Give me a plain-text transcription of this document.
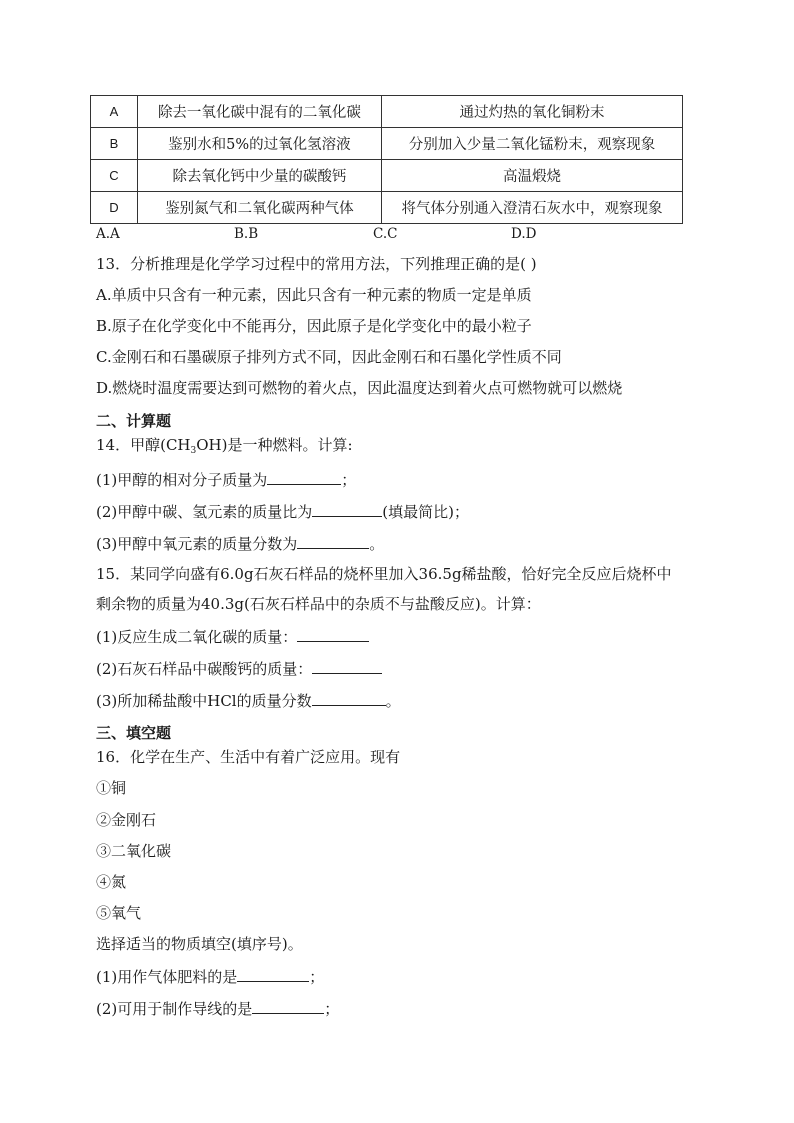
A	除去一氧化碳中混有的二氧化碳	通过灼热的氧化铜粉末
B	鉴别水和5%的过氧化氢溶液	分别加入少量二氧化锰粉末，观察现象
C	除去氧化钙中少量的碳酸钙	高温煅烧
D	鉴别氮气和二氧化碳两种气体	将气体分别通入澄清石灰水中，观察现象
A.A	B.B	C.C	D.D
13．分析推理是化学学习过程中的常用方法，下列推理正确的是( )
A.单质中只含有一种元素，因此只含有一种元素的物质一定是单质
B.原子在化学变化中不能再分，因此原子是化学变化中的最小粒子
C.金刚石和石墨碳原子排列方式不同，因此金刚石和石墨化学性质不同
D.燃烧时温度需要达到可燃物的着火点，因此温度达到着火点可燃物就可以燃烧
二、计算题
14．甲醇$(CH_3OH)$是一种燃料。计算:
(1)甲醇的相对分子质量为	；
(2)甲醇中碳、氢元素的质量比为	(填最简比)；
(3)甲醇中氧元素的质量分数为	。
15．某同学向盛有6.0g石灰石样品的烧杯里加入36.5g稀盐酸，恰好完全反应后烧杯中
剩余物的质量为40.3g(石灰石样品中的杂质不与盐酸反应)。计算：
(1)反应生成二氧化碳的质量：
(2)石灰石样品中碳酸钙的质量：
(3)所加稀盐酸中HCl的质量分数	。
三、填空题
16．化学在生产、生活中有着广泛应用。现有
①铜
②金刚石
③二氧化碳
④氮
⑤氧气
选择适当的物质填空(填序号)。
(1)用作气体肥料的是	；
(2)可用于制作导线的是	；
